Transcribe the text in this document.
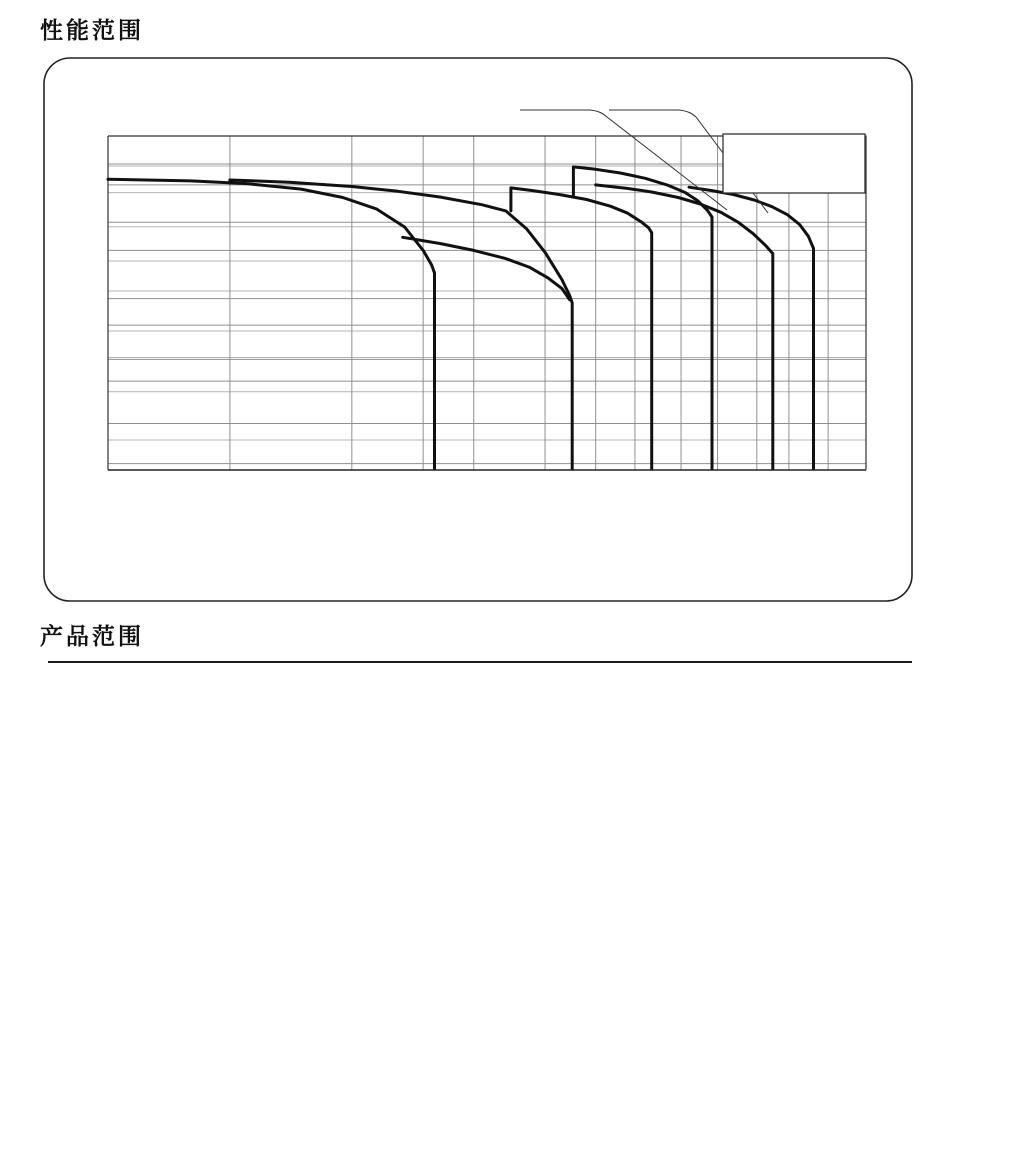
性能范围
产品范围
